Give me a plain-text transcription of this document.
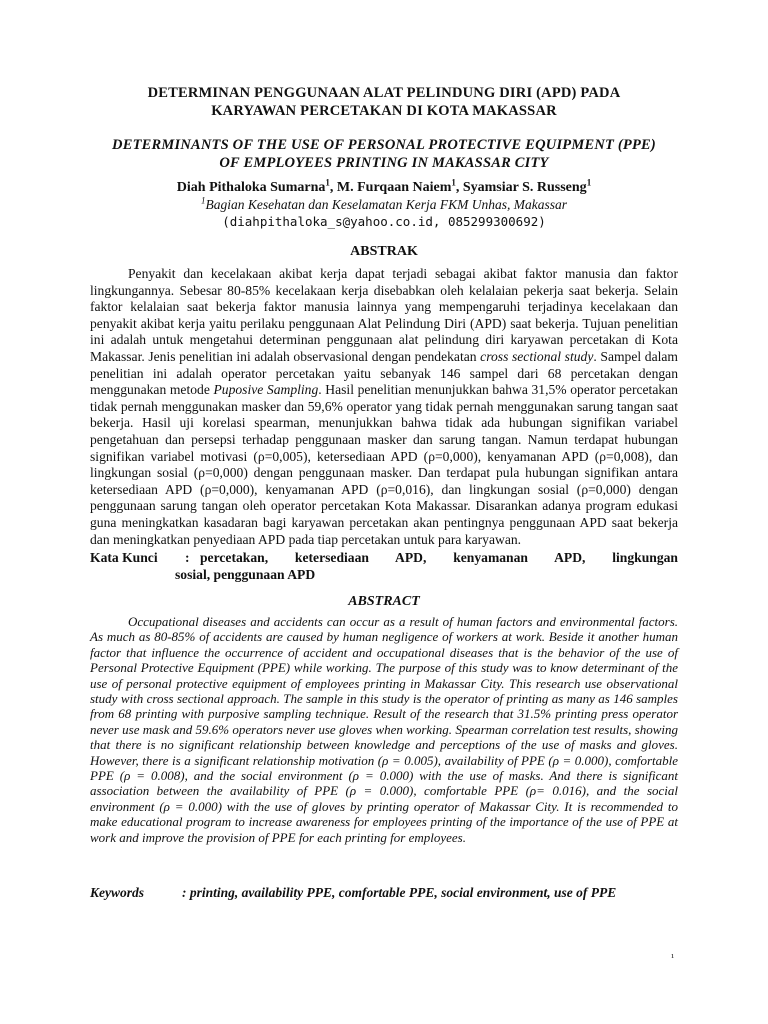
DETERMINAN PENGGUNAAN ALAT PELINDUNG DIRI (APD) PADA
KARYAWAN PERCETAKAN DI KOTA MAKASSAR
DETERMINANTS OF THE USE OF PERSONAL PROTECTIVE EQUIPMENT (PPE)
OF EMPLOYEES PRINTING IN MAKASSAR CITY
Diah Pithaloka Sumarna$^1$, M. Furqaan Naiem$^1$, Syamsiar S. Russeng$^1$
$^1$Bagian Kesehatan dan Keselamatan Kerja FKM Unhas, Makassar
(diahpithaloka_s@yahoo.co.id, 085299300692)
ABSTRAK
Penyakit dan kecelakaan akibat kerja dapat terjadi sebagai akibat faktor manusia dan faktor lingkungannya. Sebesar 80-85% kecelakaan kerja disebabkan oleh kelalaian pekerja saat bekerja. Selain faktor kelalaian saat bekerja faktor manusia lainnya yang mempengaruhi terjadinya kecelakaan dan penyakit akibat kerja yaitu perilaku penggunaan Alat Pelindung Diri (APD) saat bekerja. Tujuan penelitian ini adalah untuk mengetahui determinan penggunaan alat pelindung diri karyawan percetakan di Kota Makassar. Jenis penelitian ini adalah observasional dengan pendekatan cross sectional study. Sampel dalam penelitian ini adalah operator percetakan yaitu sebanyak 146 sampel dari 68 percetakan dengan menggunakan metode Puposive Sampling. Hasil penelitian menunjukkan bahwa 31,5% operator percetakan tidak pernah menggunakan masker dan 59,6% operator yang tidak pernah menggunakan sarung tangan saat bekerja. Hasil uji korelasi spearman, menunjukkan bahwa tidak ada hubungan signifikan variabel pengetahuan dan persepsi terhadap penggunaan masker dan sarung tangan. Namun terdapat hubungan signifikan variabel motivasi (ρ=0,005), ketersediaan APD (ρ=0,000), kenyamanan APD (ρ=0,008), dan lingkungan sosial (ρ=0,000) dengan penggunaan masker. Dan terdapat pula hubungan signifikan antara ketersediaan APD (ρ=0,000), kenyamanan APD (ρ=0,016), dan lingkungan sosial (ρ=0,000) dengan penggunaan sarung tangan oleh operator percetakan Kota Makassar. Disarankan adanya program edukasi guna meningkatkan kasadaran bagi karyawan percetakan akan pentingnya penggunaan APD saat bekerja dan meningkatkan penyediaan APD pada tiap percetakan untuk para karyawan.
Kata Kunci : percetakan, ketersediaan APD, kenyamanan APD, lingkungan
sosial, penggunaan APD
ABSTRACT
Occupational diseases and accidents can occur as a result of human factors and environmental factors. As much as 80-85% of accidents are caused by human negligence of workers at work. Beside it another human factor that influence the occurrence of accident and occupational diseases that is the behavior of the use of Personal Protective Equipment (PPE) while working. The purpose of this study was to know determinant of the use of personal protective equipment of employees printing in Makassar City. This research use observational study with cross sectional approach. The sample in this study is the operator of printing as many as 146 samples from 68 printing with purposive sampling technique. Result of the research that 31.5% printing press operator never use mask and 59.6% operators never use gloves when working. Spearman correlation test results, showing that there is no significant relationship between knowledge and perceptions of the use of masks and gloves. However, there is a significant relationship motivation (ρ = 0.005), availability of PPE (ρ = 0.000), comfortable PPE (ρ = 0.008), and the social environment (ρ = 0.000) with the use of masks. And there is significant association between the availability of PPE (ρ = 0.000), comfortable PPE (ρ= 0.016), and the social environment (ρ = 0.000) with the use of gloves by printing operator of Makassar City. It is recommended to make educational program to increase awareness for employees printing of the importance of the use of PPE at work and improve the provision of PPE for each printing for employees.
Keywords	: printing, availability PPE, comfortable PPE, social environment, use of PPE
¹
